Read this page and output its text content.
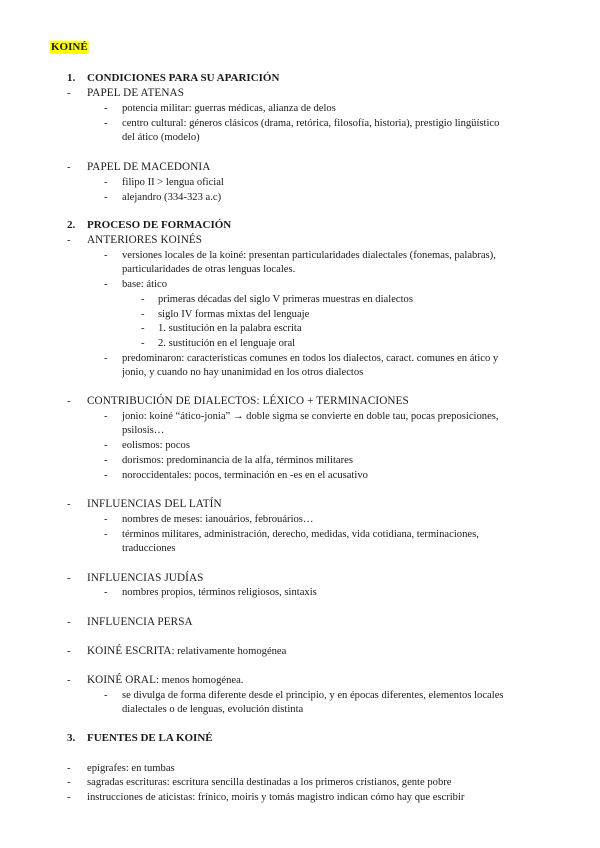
KOINÉ
1. CONDICIONES PARA SU APARICIÓN
- PAPEL DE ATENAS
- potencia militar: guerras médicas, alianza de delos
- centro cultural: géneros clásicos (drama, retórica, filosofía, historia), prestigio lingüístico
del ático (modelo)
- PAPEL DE MACEDONIA
- filipo II > lengua oficial
- alejandro (334-323 a.c)
2. PROCESO DE FORMACIÓN
- ANTERIORES KOINÉS
- versiones locales de la koiné: presentan particularidades dialectales (fonemas, palabras),
particularidades de otras lenguas locales.
- base: ático
- primeras décadas del siglo V primeras muestras en dialectos
- siglo IV formas mixtas del lenguaje
- 1. sustitución en la palabra escrita
- 2. sustitución en el lenguaje oral
- predominaron: características comunes en todos los dialectos, caract. comunes en ático y
jonio, y cuando no hay unanimidad en los otros dialectos
- CONTRIBUCIÓN DE DIALECTOS: LÉXICO + TERMINACIONES
- jonio: koiné “ático-jonia” → doble sigma se convierte en doble tau, pocas preposiciones,
psilosis…
- eolismos: pocos
- dorismos: predominancia de la alfa, términos militares
- noroccidentales: pocos, terminación en -es en el acusativo
- INFLUENCIAS DEL LATÍN
- nombres de meses: ianouários, febrouários…
- términos militares, administración, derecho, medidas, vida cotidiana, terminaciones,
traducciones
- INFLUENCIAS JUDÍAS
- nombres propios, términos religiosos, sintaxis
- INFLUENCIA PERSA
- KOINÉ ESCRITA: relativamente homogénea
- KOINÉ ORAL: menos homogénea.
- se divulga de forma diferente desde el principio, y en épocas diferentes, elementos locales
dialectales o de lenguas, evolución distinta
3. FUENTES DE LA KOINÉ
- epígrafes: en tumbas
- sagradas escrituras: escritura sencilla destinadas a los primeros cristianos, gente pobre
- instrucciones de aticistas: frínico, moiris y tomás magistro indican cómo hay que escribir
